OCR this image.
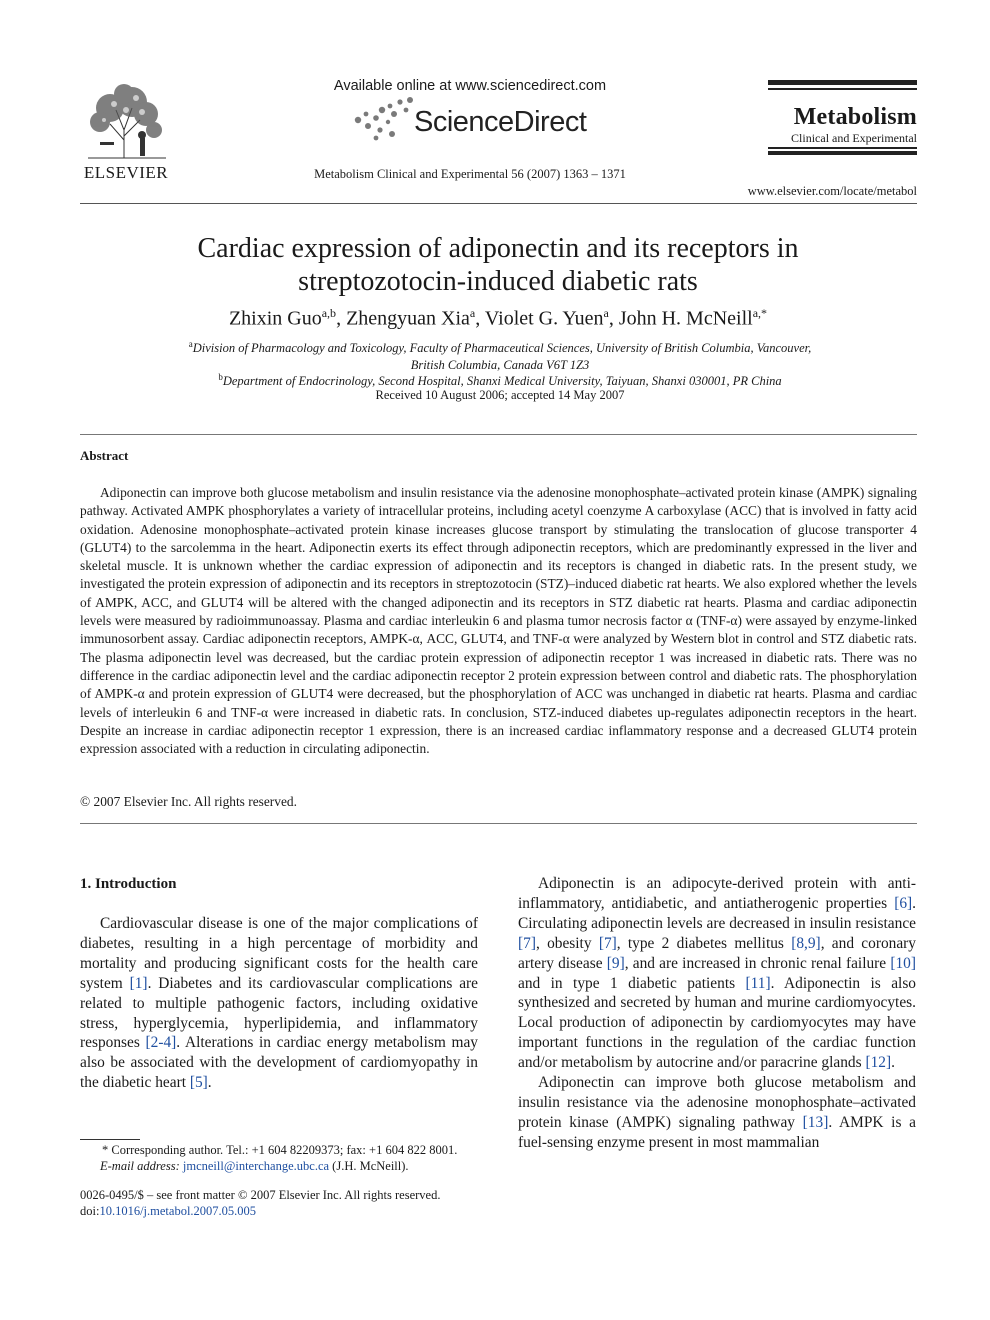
ELSEVIER
Available online at www.sciencedirect.com
ScienceDirect
Metabolism Clinical and Experimental 56 (2007) 1363 – 1371
Metabolism
Clinical and Experimental
www.elsevier.com/locate/metabol
Cardiac expression of adiponectin and its receptors in
streptozotocin-induced diabetic rats
Zhixin Guo$^{a,b}$, Zhengyuan Xia$^a$, Violet G. Yuen$^a$, John H. McNeill$^{a,*}$
$^a$Division of Pharmacology and Toxicology, Faculty of Pharmaceutical Sciences, University of British Columbia, Vancouver,
British Columbia, Canada V6T 1Z3
$^b$Department of Endocrinology, Second Hospital, Shanxi Medical University, Taiyuan, Shanxi 030001, PR China
Received 10 August 2006; accepted 14 May 2007
Abstract
Adiponectin can improve both glucose metabolism and insulin resistance via the adenosine monophosphate–activated protein kinase (AMPK) signaling pathway. Activated AMPK phosphorylates a variety of intracellular proteins, including acetyl coenzyme A carboxylase (ACC) that is involved in fatty acid oxidation. Adenosine monophosphate–activated protein kinase increases glucose transport by stimulating the translocation of glucose transporter 4 (GLUT4) to the sarcolemma in the heart. Adiponectin exerts its effect through adiponectin receptors, which are predominantly expressed in the liver and skeletal muscle. It is unknown whether the cardiac expression of adiponectin and its receptors is changed in diabetic rats. In the present study, we investigated the protein expression of adiponectin and its receptors in streptozotocin (STZ)–induced diabetic rat hearts. We also explored whether the levels of AMPK, ACC, and GLUT4 will be altered with the changed adiponectin and its receptors in STZ diabetic rat hearts. Plasma and cardiac adiponectin levels were measured by radioimmunoassay. Plasma and cardiac interleukin 6 and plasma tumor necrosis factor α (TNF-α) were assayed by enzyme-linked immunosorbent assay. Cardiac adiponectin receptors, AMPK-α, ACC, GLUT4, and TNF-α were analyzed by Western blot in control and STZ diabetic rats. The plasma adiponectin level was decreased, but the cardiac protein expression of adiponectin receptor 1 was increased in diabetic rats. There was no difference in the cardiac adiponectin level and the cardiac adiponectin receptor 2 protein expression between control and diabetic rats. The phosphorylation of AMPK-α and protein expression of GLUT4 were decreased, but the phosphorylation of ACC was unchanged in diabetic rat hearts. Plasma and cardiac levels of interleukin 6 and TNF-α were increased in diabetic rats. In conclusion, STZ-induced diabetes up-regulates adiponectin receptors in the heart. Despite an increase in cardiac adiponectin receptor 1 expression, there is an increased cardiac inflammatory response and a decreased GLUT4 protein expression associated with a reduction in circulating adiponectin.
© 2007 Elsevier Inc. All rights reserved.
1. Introduction

Cardiovascular disease is one of the major complications of diabetes, resulting in a high percentage of morbidity and mortality and producing significant costs for the health care system [1]. Diabetes and its cardiovascular complications are related to multiple pathogenic factors, including oxidative stress, hyperglycemia, hyperlipidemia, and inflammatory responses [2-4]. Alterations in cardiac energy metabolism may also be associated with the development of cardiomyopathy in the diabetic heart [5].

Adiponectin is an adipocyte-derived protein with anti-inflammatory, antidiabetic, and antiatherogenic properties [6]. Circulating adiponectin levels are decreased in insulin resistance [7], obesity [7], type 2 diabetes mellitus [8,9], and coronary artery disease [9], and are increased in chronic renal failure [10] and in type 1 diabetic patients [11]. Adiponectin is also synthesized and secreted by human and murine cardiomyocytes. Local production of adiponectin by cardiomyocytes may have important functions in the regulation of the cardiac function and/or metabolism by autocrine and/or paracrine glands [12].

Adiponectin can improve both glucose metabolism and insulin resistance via the adenosine monophosphate–activated protein kinase (AMPK) signaling pathway [13]. AMPK is a fuel-sensing enzyme present in most mammalian

* Corresponding author. Tel.: +1 604 82209373; fax: +1 604 822 8001.
E-mail address: jmcneill@interchange.ubc.ca (J.H. McNeill).
0026-0495/$ – see front matter © 2007 Elsevier Inc. All rights reserved.
doi:10.1016/j.metabol.2007.05.005
